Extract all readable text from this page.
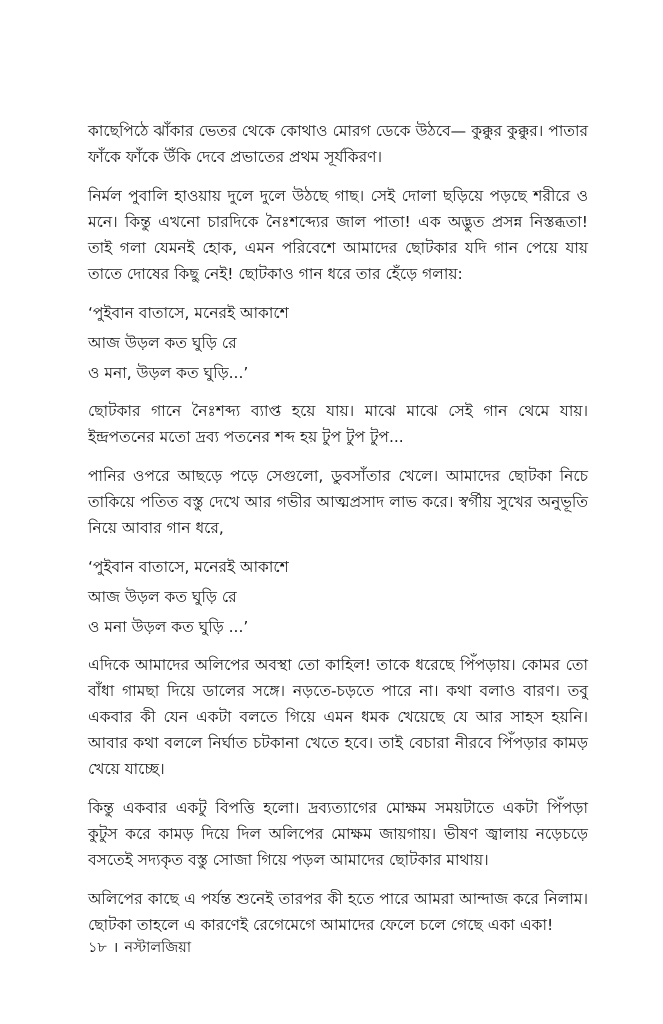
কাছেপিঠে ঝাঁকার ভেতর থেকে কোথাও মোরগ ডেকে উঠবে— কুক্কুর কুক্কুর। পাতার ফাঁকে ফাঁকে উঁকি দেবে প্রভাতের প্রথম সূর্যকিরণ।

নির্মল পুবালি হাওয়ায় দুলে দুলে উঠছে গাছ। সেই দোলা ছড়িয়ে পড়ছে শরীরে ও মনে। কিন্তু এখনো চারদিকে নৈঃশব্দ্যের জাল পাতা! এক অদ্ভুত প্রসন্ন নিস্তব্ধতা! তাই গলা যেমনই হোক, এমন পরিবেশে আমাদের ছোটকার যদি গান পেয়ে যায় তাতে দোষের কিছু নেই! ছোটকাও গান ধরে তার হেঁড়ে গলায়:

‘পুইবান বাতাসে, মনেরই আকাশে
আজ উড়ল কত ঘুড়ি রে
ও মনা, উড়ল কত ঘুড়ি...’

ছোটকার গানে নৈঃশব্দ্য ব্যাপ্ত হয়ে যায়। মাঝে মাঝে সেই গান থেমে যায়। ইন্দ্রপতনের মতো দ্রব্য পতনের শব্দ হয় টুপ টুপ টুপ...

পানির ওপরে আছড়ে পড়ে সেগুলো, ডুবসাঁতার খেলে। আমাদের ছোটকা নিচে তাকিয়ে পতিত বস্তু দেখে আর গভীর আত্মপ্রসাদ লাভ করে। স্বর্গীয় সুখের অনুভূতি নিয়ে আবার গান ধরে,

‘পুইবান বাতাসে, মনেরই আকাশে
আজ উড়ল কত ঘুড়ি রে
ও মনা উড়ল কত ঘুড়ি ...’

এদিকে আমাদের অলিপের অবস্থা তো কাহিল! তাকে ধরেছে পিঁপড়ায়। কোমর তো বাঁধা গামছা দিয়ে ডালের সঙ্গে। নড়তে-চড়তে পারে না। কথা বলাও বারণ। তবু একবার কী যেন একটা বলতে গিয়ে এমন ধমক খেয়েছে যে আর সাহস হয়নি। আবার কথা বললে নির্ঘাত চটকানা খেতে হবে। তাই বেচারা নীরবে পিঁপড়ার কামড় খেয়ে যাচ্ছে।

কিন্তু একবার একটু বিপত্তি হলো। দ্রব্যত্যাগের মোক্ষম সময়টাতে একটা পিঁপড়া কুটুস করে কামড় দিয়ে দিল অলিপের মোক্ষম জায়গায়। ভীষণ জ্বালায় নড়েচড়ে বসতেই সদ্যকৃত বস্তু সোজা গিয়ে পড়ল আমাদের ছোটকার মাথায়।

অলিপের কাছে এ পর্যন্ত শুনেই তারপর কী হতে পারে আমরা আন্দাজ করে নিলাম। ছোটকা তাহলে এ কারণেই রেগেমেগে আমাদের ফেলে চলে গেছে একা একা!

১৮ । নস্টালজিয়া
